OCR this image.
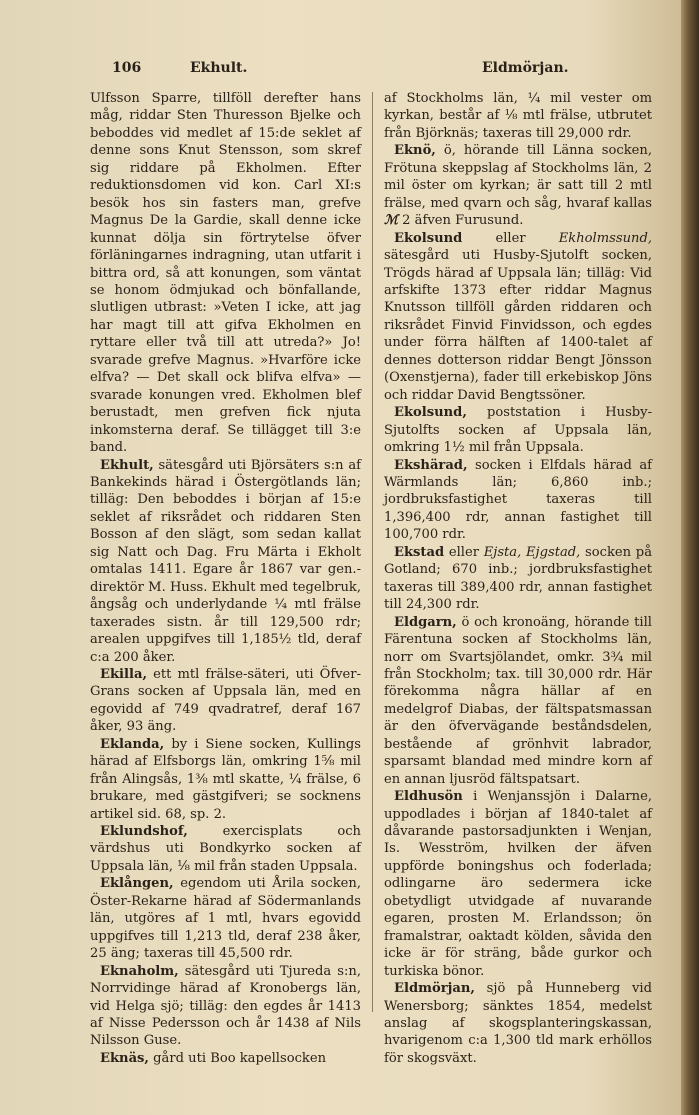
106	Ekhult.	Eldmörjan.

Ulfsson Sparre, tillföll derefter hans måg, riddar Sten Thuresson Bjelke och beboddes vid medlet af 15:de seklet af denne sons Knut Stensson, som skref sig riddare på Ekholmen. Efter reduktionsdomen vid kon. Carl XI:s besök hos sin fasters man, grefve Magnus De la Gardie, skall denne icke kunnat dölja sin förtrytelse öfver förläningarnes indragning, utan utfarit i bittra ord, så att konungen, som väntat se honom ödmjukad och bönfallande, slutligen utbrast: »Veten I icke, att jag har magt till att gifva Ekholmen en ryttare eller två till att utreda?» Jo! svarade grefve Magnus. »Hvarföre icke elfva? — Det skall ock blifva elfva» — svarade konungen vred. Ekholmen blef berustadt, men grefven fick njuta inkomsterna deraf. Se tillägget till 3:e band.

Ekhult, sätesgård uti Björsäters s:n af Bankekinds härad i Östergötlands län; tilläg: Den beboddes i början af 15:e seklet af riksrådet och riddaren Sten Bosson af den slägt, som sedan kallat sig Natt och Dag. Fru Märta i Ekholt omtalas 1411. Egare år 1867 var gen.-direktör M. Huss. Ekhult med tegelbruk, ångsåg och underlydande ¼ mtl frälse taxerades sistn. år till 129,500 rdr; arealen uppgifves till 1,185½ tld, deraf c:a 200 åker.

Ekilla, ett mtl frälse-säteri, uti Öfver-Grans socken af Uppsala län, med en egovidd af 749 qvadratref, deraf 167 åker, 93 äng.

Eklanda, by i Siene socken, Kullings härad af Elfsborgs län, omkring 1⅝ mil från Alingsås, 1⅜ mtl skatte, ¼ frälse, 6 brukare, med gästgifveri; se socknens artikel sid. 68, sp. 2.

Eklundshof, exercisplats och värdshus uti Bondkyrko socken af Uppsala län, ⅛ mil från staden Uppsala.

Eklången, egendom uti Årila socken, Öster-Rekarne härad af Södermanlands län, utgöres af 1 mtl, hvars egovidd uppgifves till 1,213 tld, deraf 238 åker, 25 äng; taxeras till 45,500 rdr.

Eknaholm, sätesgård uti Tjureda s:n, Norrvidinge härad af Kronobergs län, vid Helga sjö; tilläg: den egdes år 1413 af Nisse Pedersson och år 1438 af Nils Nilsson Guse.

Eknäs, gård uti Boo kapellsocken

af Stockholms län, ¼ mil vester om kyrkan, består af ⅛ mtl frälse, utbrutet från Björknäs; taxeras till 29,000 rdr.

Eknö, ö, hörande till Länna socken, Frötuna skeppslag af Stockholms län, 2 mil öster om kyrkan; är satt till 2 mtl frälse, med qvarn och såg, hvaraf kallas ℳ 2 äfven Furusund.

Ekolsund eller Ekholmssund, sätesgård uti Husby-Sjutolft socken, Trögds härad af Uppsala län; tilläg: Vid arfskifte 1373 efter riddar Magnus Knutsson tillföll gården riddaren och riksrådet Finvid Finvidsson, och egdes under förra hälften af 1400-talet af dennes dotterson riddar Bengt Jönsson (Oxenstjerna), fader till erkebiskop Jöns och riddar David Bengtssöner.

Ekolsund, poststation i Husby-Sjutolfts socken af Uppsala län, omkring 1½ mil från Uppsala.

Ekshärad, socken i Elfdals härad af Wärmlands län; 6,860 inb.; jordbruksfastighet taxeras till 1,396,400 rdr, annan fastighet till 100,700 rdr.

Ekstad eller Ejsta, Ejgstad, socken på Gotland; 670 inb.; jordbruksfastighet taxeras till 389,400 rdr, annan fastighet till 24,300 rdr.

Eldgarn, ö och kronoäng, hörande till Färentuna socken af Stockholms län, norr om Svartsjölandet, omkr. 3¾ mil från Stockholm; tax. till 30,000 rdr. Här förekomma några hällar af en medelgrof Diabas, der fältspatsmassan är den öfvervägande beståndsdelen, bestående af grönhvit labrador, sparsamt blandad med mindre korn af en annan ljusröd fältspatsart.

Eldhusön i Wenjanssjön i Dalarne, uppodlades i början af 1840-talet af dåvarande pastorsadjunkten i Wenjan, Is. Wesström, hvilken der äfven uppförde boningshus och foderlada; odlingarne äro sedermera icke obetydligt utvidgade af nuvarande egaren, prosten M. Erlandsson; ön framalstrar, oaktadt kölden, såvida den icke är för sträng, både gurkor och turkiska bönor.

Eldmörjan, sjö på Hunneberg vid Wenersborg; sänktes 1854, medelst anslag af skogsplanteringskassan, hvarigenom c:a 1,300 tld mark erhöllos för skogsväxt.
